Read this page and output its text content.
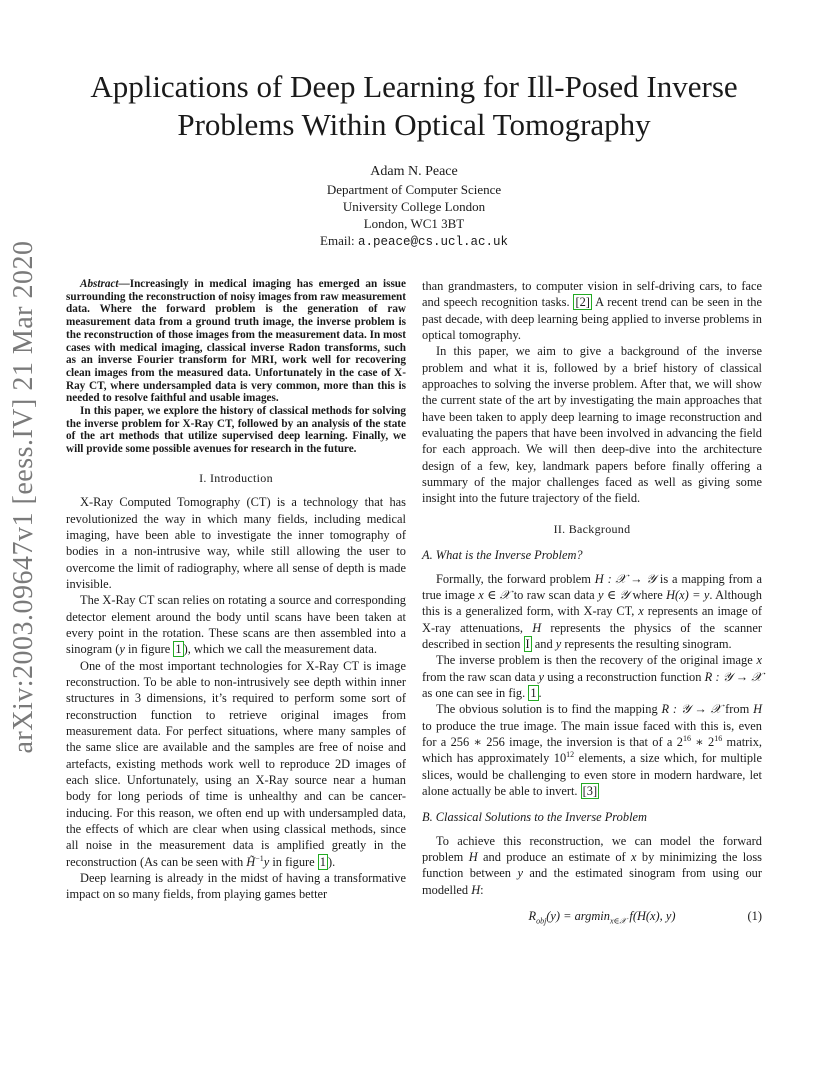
arXiv:2003.09647v1 [eess.IV] 21 Mar 2020
Applications of Deep Learning for Ill-Posed Inverse Problems Within Optical Tomography
Adam N. Peace
Department of Computer Science
University College London
London, WC1 3BT
Email: a.peace@cs.ucl.ac.uk

Abstract—Increasingly in medical imaging has emerged an issue surrounding the reconstruction of noisy images from raw measurement data. Where the forward problem is the generation of raw measurement data from a ground truth image, the inverse problem is the reconstruction of those images from the measurement data. In most cases with medical imaging, classical inverse Radon transforms, such as an inverse Fourier transform for MRI, work well for recovering clean images from the measured data. Unfortunately in the case of X-Ray CT, where undersampled data is very common, more than this is needed to resolve faithful and usable images.

In this paper, we explore the history of classical methods for solving the inverse problem for X-Ray CT, followed by an analysis of the state of the art methods that utilize supervised deep learning. Finally, we will provide some possible avenues for research in the future.

I. Introduction

X-Ray Computed Tomography (CT) is a technology that has revolutionized the way in which many fields, including medical imaging, have been able to investigate the inner tomography of bodies in a non-intrusive way, while still allowing the user to overcome the limit of radiography, where all sense of depth is made invisible.

The X-Ray CT scan relies on rotating a source and corresponding detector element around the body until scans have been taken at every point in the rotation. These scans are then assembled into a sinogram (y in figure 1 ), which we call the measurement data.

One of the most important technologies for X-Ray CT is image reconstruction. To be able to non-intrusively see depth within inner structures in 3 dimensions, it’s required to perform some sort of reconstruction function to retrieve original images from measurement data. For perfect situations, where many samples of the same slice are available and the samples are free of noise and artefacts, existing methods work well to reproduce 2D images of each slice. Unfortunately, using an X-Ray source near a human body for long periods of time is unhealthy and can be cancer-inducing. For this reason, we often end up with undersampled data, the effects of which are clear when using classical methods, since all noise in the measurement data is amplified greatly in the reconstruction (As can be seen with H̃$^{-1}$y in figure 1 ).

Deep learning is already in the midst of having a transformative impact on so many fields, from playing games better

than grandmasters, to computer vision in self-driving cars, to face and speech recognition tasks. [2] A recent trend can be seen in the past decade, with deep learning being applied to inverse problems in optical tomography.

In this paper, we aim to give a background of the inverse problem and what it is, followed by a brief history of classical approaches to solving the inverse problem. After that, we will show the current state of the art by investigating the main approaches that have been taken to apply deep learning to image reconstruction and evaluating the papers that have been involved in advancing the field for each approach. We will then deep-dive into the architecture design of a few, key, landmark papers before finally offering a summary of the major challenges faced as well as giving some insight into the future trajectory of the field.

II. Background
A. What is the Inverse Problem?

Formally, the forward problem H : 𝒳 → 𝒴 is a mapping from a true image x ∈ 𝒳 to raw scan data y ∈ 𝒴 where H(x) = y. Although this is a generalized form, with X-ray CT, x represents an image of X-ray attenuations, H represents the physics of the scanner described in section I and y represents the resulting sinogram.

The inverse problem is then the recovery of the original image x from the raw scan data y using a reconstruction function R : 𝒴 → 𝒳 as one can see in fig. 1 .

The obvious solution is to find the mapping R : 𝒴 → 𝒳 from H to produce the true image. The main issue faced with this is, even for a 256 ∗ 256 image, the inversion is that of a $2^{16}$ ∗ $2^{16}$ matrix, which has approximately $10^{12}$ elements, a size which, for multiple slices, would be challenging to even store in modern hardware, let alone actually be able to invert. [3]

B. Classical Solutions to the Inverse Problem

To achieve this reconstruction, we can model the forward problem H and produce an estimate of x by minimizing the loss function between y and the estimated sinogram from using our modelled H:

$R_{obj}(y) = argmin_{x\in 𝒳}$ f(H(x), y)	(1)
